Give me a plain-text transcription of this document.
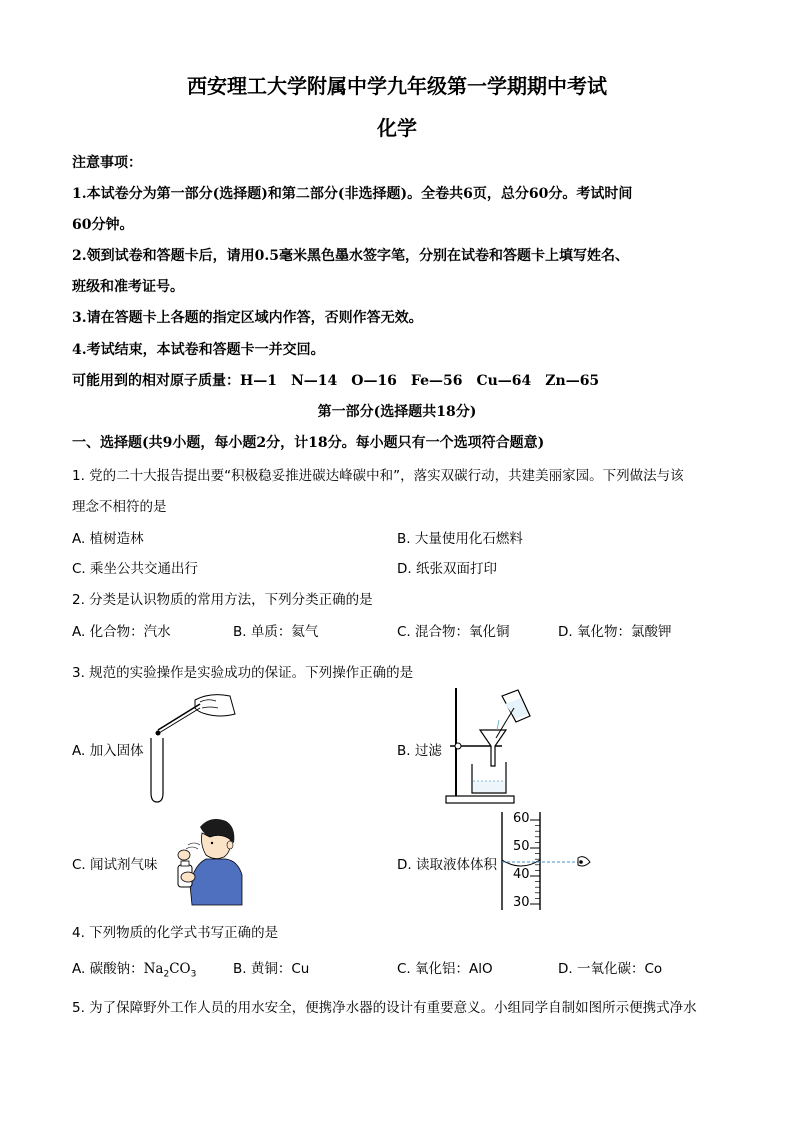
西安理工大学附属中学九年级第一学期期中考试
化学
注意事项：
1.本试卷分为第一部分(选择题)和第二部分(非选择题)。全卷共6页，总分60分。考试时间
60分钟。
2.领到试卷和答题卡后，请用0.5毫米黑色墨水签字笔，分别在试卷和答题卡上填写姓名、
班级和准考证号。
3.请在答题卡上各题的指定区域内作答，否则作答无效。
4.考试结束，本试卷和答题卡一并交回。
可能用到的相对原子质量：H—1　N—14　O—16　Fe—56　Cu—64　Zn—65
第一部分(选择题共18分)
一、选择题(共9小题，每小题2分，计18分。每小题只有一个选项符合题意)
1. 党的二十大报告提出要“积极稳妥推进碳达峰碳中和”，落实双碳行动，共建美丽家园。下列做法与该
理念不相符的是
A. 植树造林	B. 大量使用化石燃料
C. 乘坐公共交通出行	D. 纸张双面打印
2. 分类是认识物质的常用方法，下列分类正确的是
A. 化合物：汽水	B. 单质：氦气	C. 混合物：氧化铜	D. 氧化物：氯酸钾
3. 规范的实验操作是实验成功的保证。下列操作正确的是
A. 加入固体	B. 过滤
C. 闻试剂气味
60
50
40
30
D. 读取液体体积
4. 下列物质的化学式书写正确的是
A. 碳酸钠：$Na_2CO_3$	B. 黄铜：Cu	C. 氧化铝：AlO	D. 一氧化碳：Co
5. 为了保障野外工作人员的用水安全，便携净水器的设计有重要意义。小组同学自制如图所示便携式净水
